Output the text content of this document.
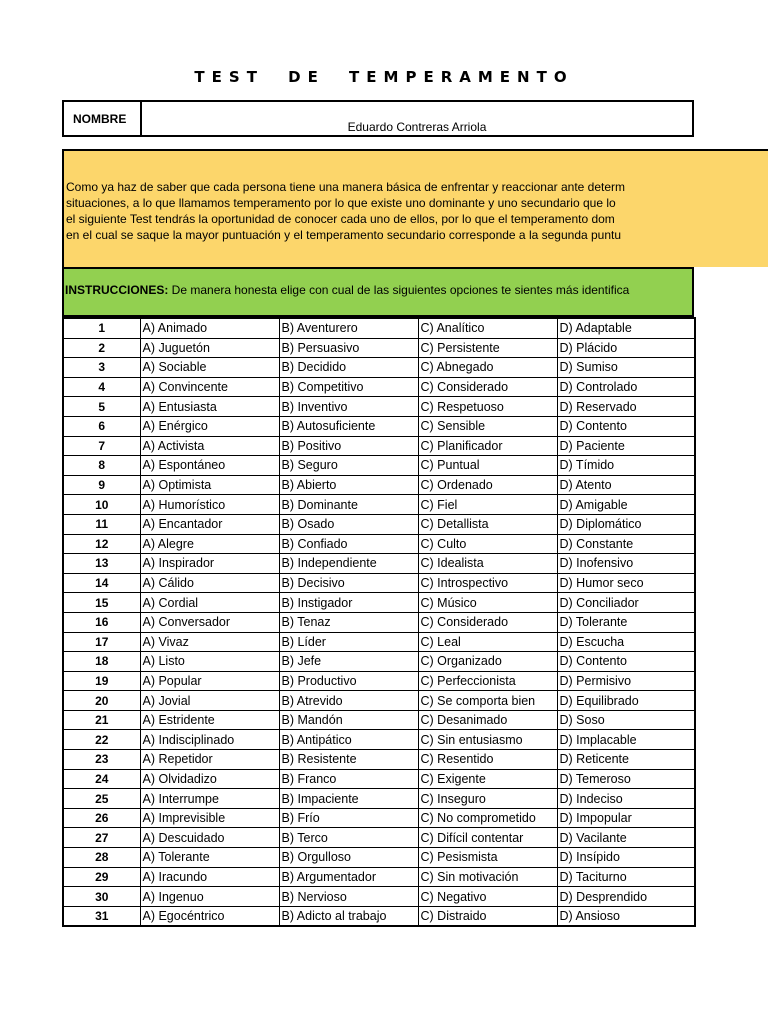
TEST DE TEMPERAMENTO
NOMBRE
Eduardo Contreras Arriola
Como ya haz de saber que cada persona tiene una manera básica de enfrentar y reaccionar ante determ
situaciones, a lo que llamamos temperamento por lo que existe uno dominante y uno secundario que lo
el siguiente Test tendrás la oportunidad de conocer cada uno de ellos, por lo que el temperamento dom
en el cual se saque la mayor puntuación y el temperamento secundario corresponde a la segunda puntu
INSTRUCCIONES: De manera honesta elige con cual de las siguientes opciones te sientes más identifica
1	A) Animado	B) Aventurero	C) Analítico	D) Adaptable
2	A) Juguetón	B) Persuasivo	C) Persistente	D) Plácido
3	A) Sociable	B) Decidido	C) Abnegado	D) Sumiso
4	A) Convincente	B) Competitivo	C) Considerado	D) Controlado
5	A) Entusiasta	B) Inventivo	C) Respetuoso	D) Reservado
6	A) Enérgico	B) Autosuficiente	C) Sensible	D) Contento
7	A) Activista	B) Positivo	C) Planificador	D) Paciente
8	A) Espontáneo	B) Seguro	C) Puntual	D) Tímido
9	A) Optimista	B) Abierto	C) Ordenado	D) Atento
10	A) Humorístico	B) Dominante	C) Fiel	D) Amigable
11	A) Encantador	B) Osado	C) Detallista	D) Diplomático
12	A) Alegre	B) Confiado	C) Culto	D) Constante
13	A) Inspirador	B) Independiente	C) Idealista	D) Inofensivo
14	A) Cálido	B) Decisivo	C) Introspectivo	D) Humor seco
15	A) Cordial	B) Instigador	C) Músico	D) Conciliador
16	A) Conversador	B) Tenaz	C) Considerado	D) Tolerante
17	A) Vivaz	B) Líder	C) Leal	D) Escucha
18	A) Listo	B) Jefe	C) Organizado	D) Contento
19	A) Popular	B) Productivo	C) Perfeccionista	D) Permisivo
20	A) Jovial	B) Atrevido	C) Se comporta bien	D) Equilibrado
21	A) Estridente	B) Mandón	C) Desanimado	D) Soso
22	A) Indisciplinado	B) Antipático	C) Sin entusiasmo	D) Implacable
23	A) Repetidor	B) Resistente	C) Resentido	D) Reticente
24	A) Olvidadizo	B) Franco	C) Exigente	D) Temeroso
25	A) Interrumpe	B) Impaciente	C) Inseguro	D) Indeciso
26	A) Imprevisible	B) Frío	C) No comprometido	D) Impopular
27	A) Descuidado	B) Terco	C) Difícil contentar	D) Vacilante
28	A) Tolerante	B) Orgulloso	C) Pesismista	D) Insípido
29	A) Iracundo	B) Argumentador	C) Sin motivación	D) Taciturno
30	A) Ingenuo	B) Nervioso	C) Negativo	D) Desprendido
31	A) Egocéntrico	B) Adicto al trabajo	C) Distraido	D) Ansioso
